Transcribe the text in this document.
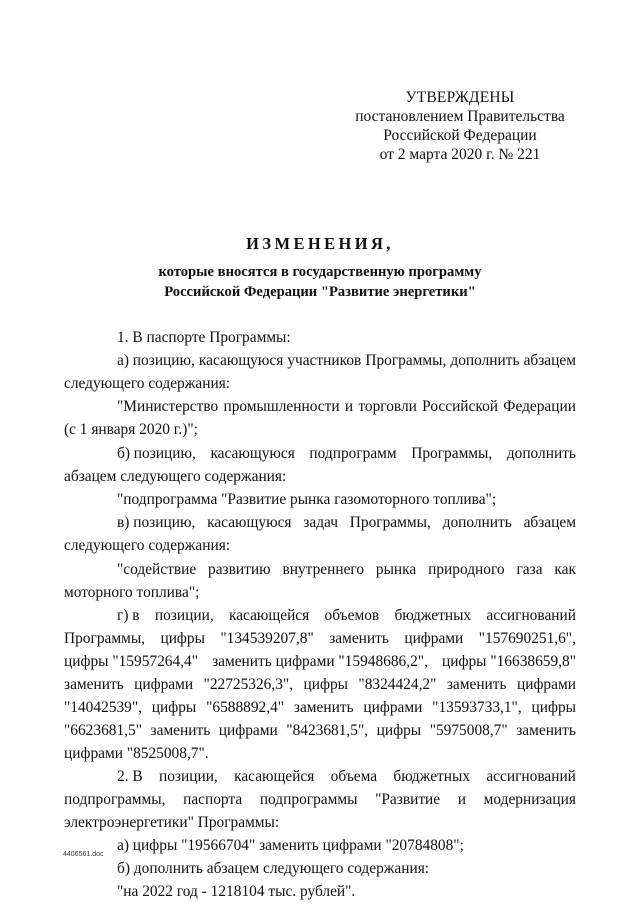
УТВЕРЖДЕНЫ
постановлением Правительства
Российской Федерации
от 2 марта 2020 г. № 221
ИЗМЕНЕНИЯ,
которые вносятся в государственную программу
Российской Федерации "Развитие энергетики"
1. В паспорте Программы:
а) позицию, касающуюся участников Программы, дополнить абзацем
следующего содержания:
"Министерство промышленности и торговли Российской Федерации
(с 1 января 2020 г.)";
б) позицию, касающуюся подпрограмм Программы, дополнить
абзацем следующего содержания:
"подпрограмма "Развитие рынка газомоторного топлива";
в) позицию, касающуюся задач Программы, дополнить абзацем
следующего содержания:
"содействие развитию внутреннего рынка природного газа как
моторного топлива";
г) в позиции, касающейся объемов бюджетных ассигнований
Программы, цифры "134539207,8" заменить цифрами "157690251,6",
цифры "15957264,4" заменить цифрами "15948686,2", цифры "16638659,8"
заменить цифрами "22725326,3", цифры "8324424,2" заменить цифрами
"14042539", цифры "6588892,4" заменить цифрами "13593733,1", цифры
"6623681,5" заменить цифрами "8423681,5", цифры "5975008,7" заменить
цифрами "8525008,7".
2. В позиции, касающейся объема бюджетных ассигнований
подпрограммы, паспорта подпрограммы "Развитие и модернизация
электроэнергетики" Программы:
а) цифры "19566704" заменить цифрами "20784808";
б) дополнить абзацем следующего содержания:
"на 2022 год - 1218104 тыс. рублей".
4406561.doc
